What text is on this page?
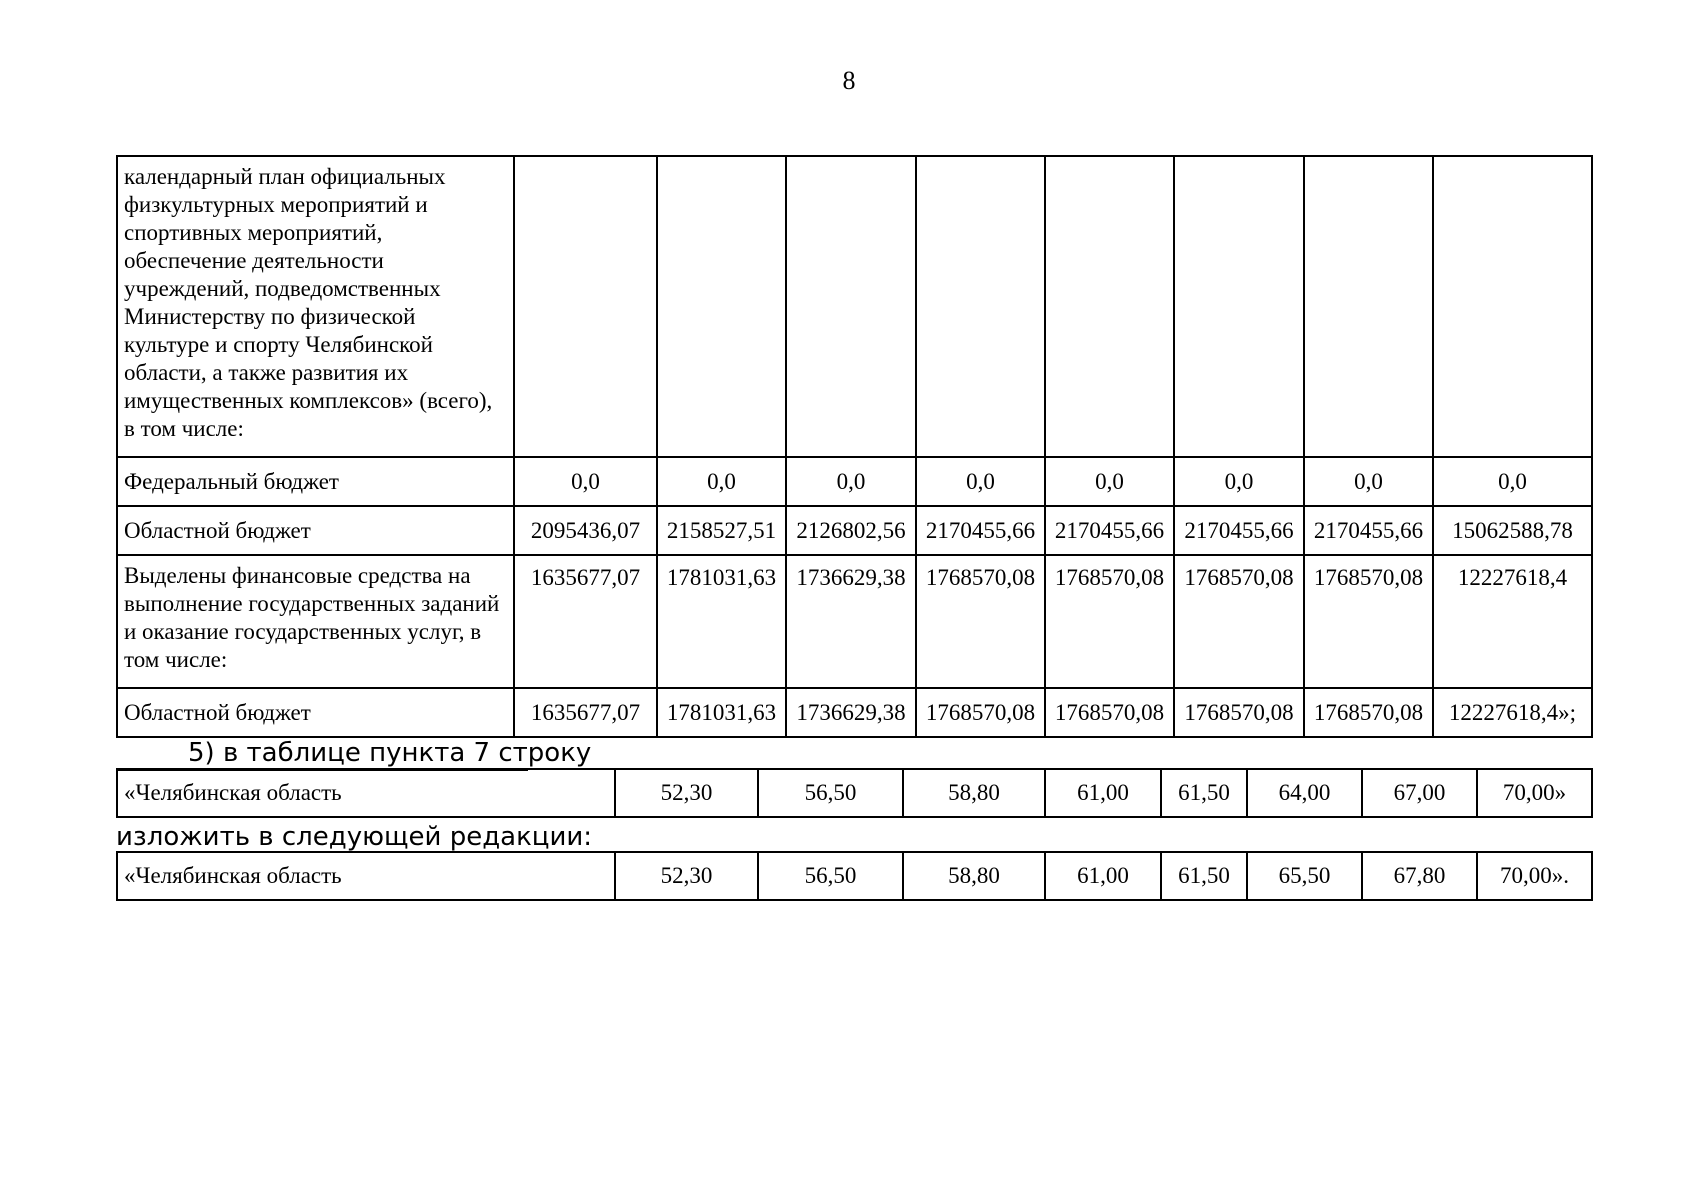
8
календарный план официальных физкультурных мероприятий и спортивных мероприятий, обеспечение деятельности учреждений, подведомственных Министерству по физической культуре и спорту Челябинской области, а также развития их имущественных комплексов» (всего), в том числе:								
Федеральный бюджет	0,0	0,0	0,0	0,0	0,0	0,0	0,0	0,0
Областной бюджет	2095436,07	2158527,51	2126802,56	2170455,66	2170455,66	2170455,66	2170455,66	15062588,78
Выделены финансовые средства на выполнение государственных заданий и оказание государственных услуг, в том числе:	1635677,07	1781031,63	1736629,38	1768570,08	1768570,08	1768570,08	1768570,08	12227618,4
Областной бюджет	1635677,07	1781031,63	1736629,38	1768570,08	1768570,08	1768570,08	1768570,08	12227618,4»;
5) в таблице пункта 7 строку
«Челябинская область	52,30	56,50	58,80	61,00	61,50	64,00	67,00	70,00»
изложить в следующей редакции:
«Челябинская область	52,30	56,50	58,80	61,00	61,50	65,50	67,80	70,00».
